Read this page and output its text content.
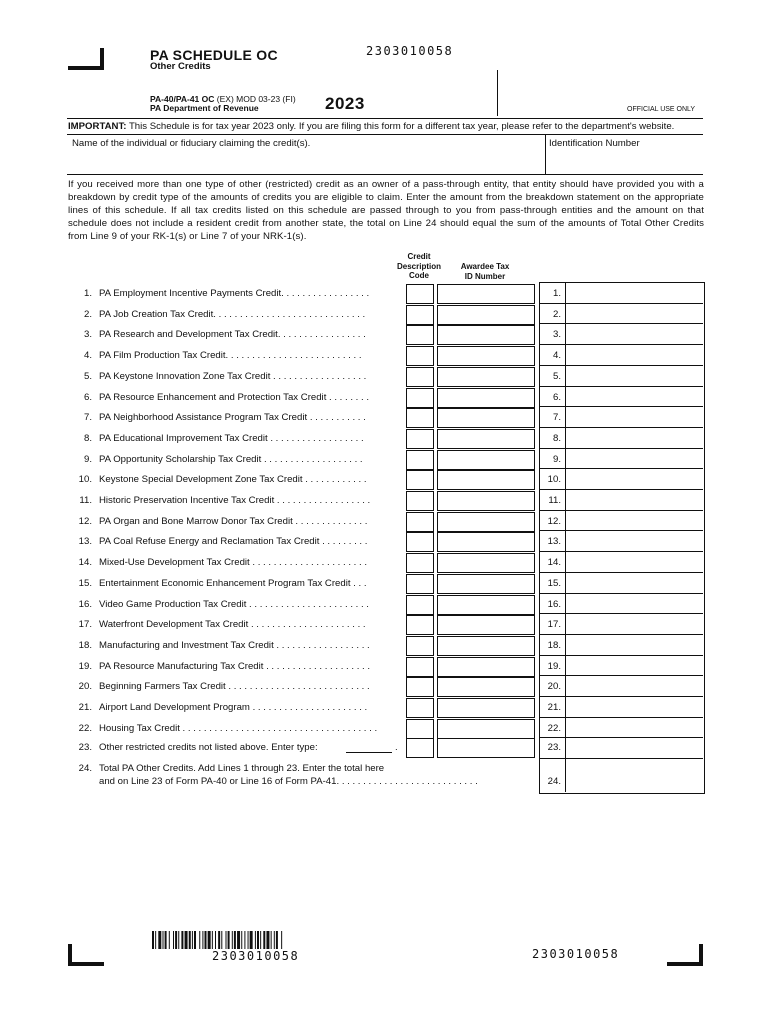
2303010058
PA SCHEDULE OC
Other Credits
PA-40/PA-41 OC (EX) MOD 03-23 (FI)
PA Department of Revenue	2023	OFFICIAL USE ONLY
IMPORTANT: This Schedule is for tax year 2023 only. If you are filing this form for a different tax year, please refer to the department's website.
Name of the individual or fiduciary claiming the credit(s).	Identification Number
If you received more than one type of other (restricted) credit as an owner of a pass-through entity, that entity should have provided you with a breakdown by credit type of the amounts of credits you are eligible to claim. Enter the amount from the breakdown statement on the appropriate lines of this schedule. If all tax credits listed on this schedule are passed through to you from pass-through entities and the amount on that schedule does not include a resident credit from another state, the total on Line 24 should equal the sum of the amounts of Total Other Credits from Line 9 of your RK-1(s) or Line 7 of your NRK-1(s).
Credit
Description
Code
Awardee Tax
ID Number
1. PA Employment Incentive Payments Credit. . . . . . . . . . . . . . . . .	1.
2. PA Job Creation Tax Credit. . . . . . . . . . . . . . . . . . . . . . . . . . . . .	2.
3. PA Research and Development Tax Credit. . . . . . . . . . . . . . . . .	3.
4. PA Film Production Tax Credit. . . . . . . . . . . . . . . . . . . . . . . . . .	4.
5. PA Keystone Innovation Zone Tax Credit . . . . . . . . . . . . . . . . . .	5.
6. PA Resource Enhancement and Protection Tax Credit . . . . . . . .	6.
7. PA Neighborhood Assistance Program Tax Credit . . . . . . . . . . .	7.
8. PA Educational Improvement Tax Credit . . . . . . . . . . . . . . . . . .	8.
9. PA Opportunity Scholarship Tax Credit . . . . . . . . . . . . . . . . . . .	9.
10. Keystone Special Development Zone Tax Credit . . . . . . . . . . . .	10.
11. Historic Preservation Incentive Tax Credit . . . . . . . . . . . . . . . . . .	11.
12. PA Organ and Bone Marrow Donor Tax Credit . . . . . . . . . . . . . .	12.
13. PA Coal Refuse Energy and Reclamation Tax Credit . . . . . . . . .	13.
14. Mixed-Use Development Tax Credit . . . . . . . . . . . . . . . . . . . . . .	14.
15. Entertainment Economic Enhancement Program Tax Credit . . .	15.
16. Video Game Production Tax Credit . . . . . . . . . . . . . . . . . . . . . . .	16.
17. Waterfront Development Tax Credit . . . . . . . . . . . . . . . . . . . . . .	17.
18. Manufacturing and Investment Tax Credit . . . . . . . . . . . . . . . . . .	18.
19. PA Resource Manufacturing Tax Credit . . . . . . . . . . . . . . . . . . . .	19.
20. Beginning Farmers Tax Credit . . . . . . . . . . . . . . . . . . . . . . . . . . .	20.
21. Airport Land Development Program . . . . . . . . . . . . . . . . . . . . . .	21.
22. Housing Tax Credit . . . . . . . . . . . . . . . . . . . . . . . . . . . . . . . . . . . . .	22.
23. Other restricted credits not listed above. Enter type:	.	23.
24. Total PA Other Credits. Add Lines 1 through 23. Enter the total here
and on Line 23 of Form PA-40 or Line 16 of Form PA-41. . . . . . . . . . . . . . . . . . . . . . . . . . .	24.
2303010058	2303010058
